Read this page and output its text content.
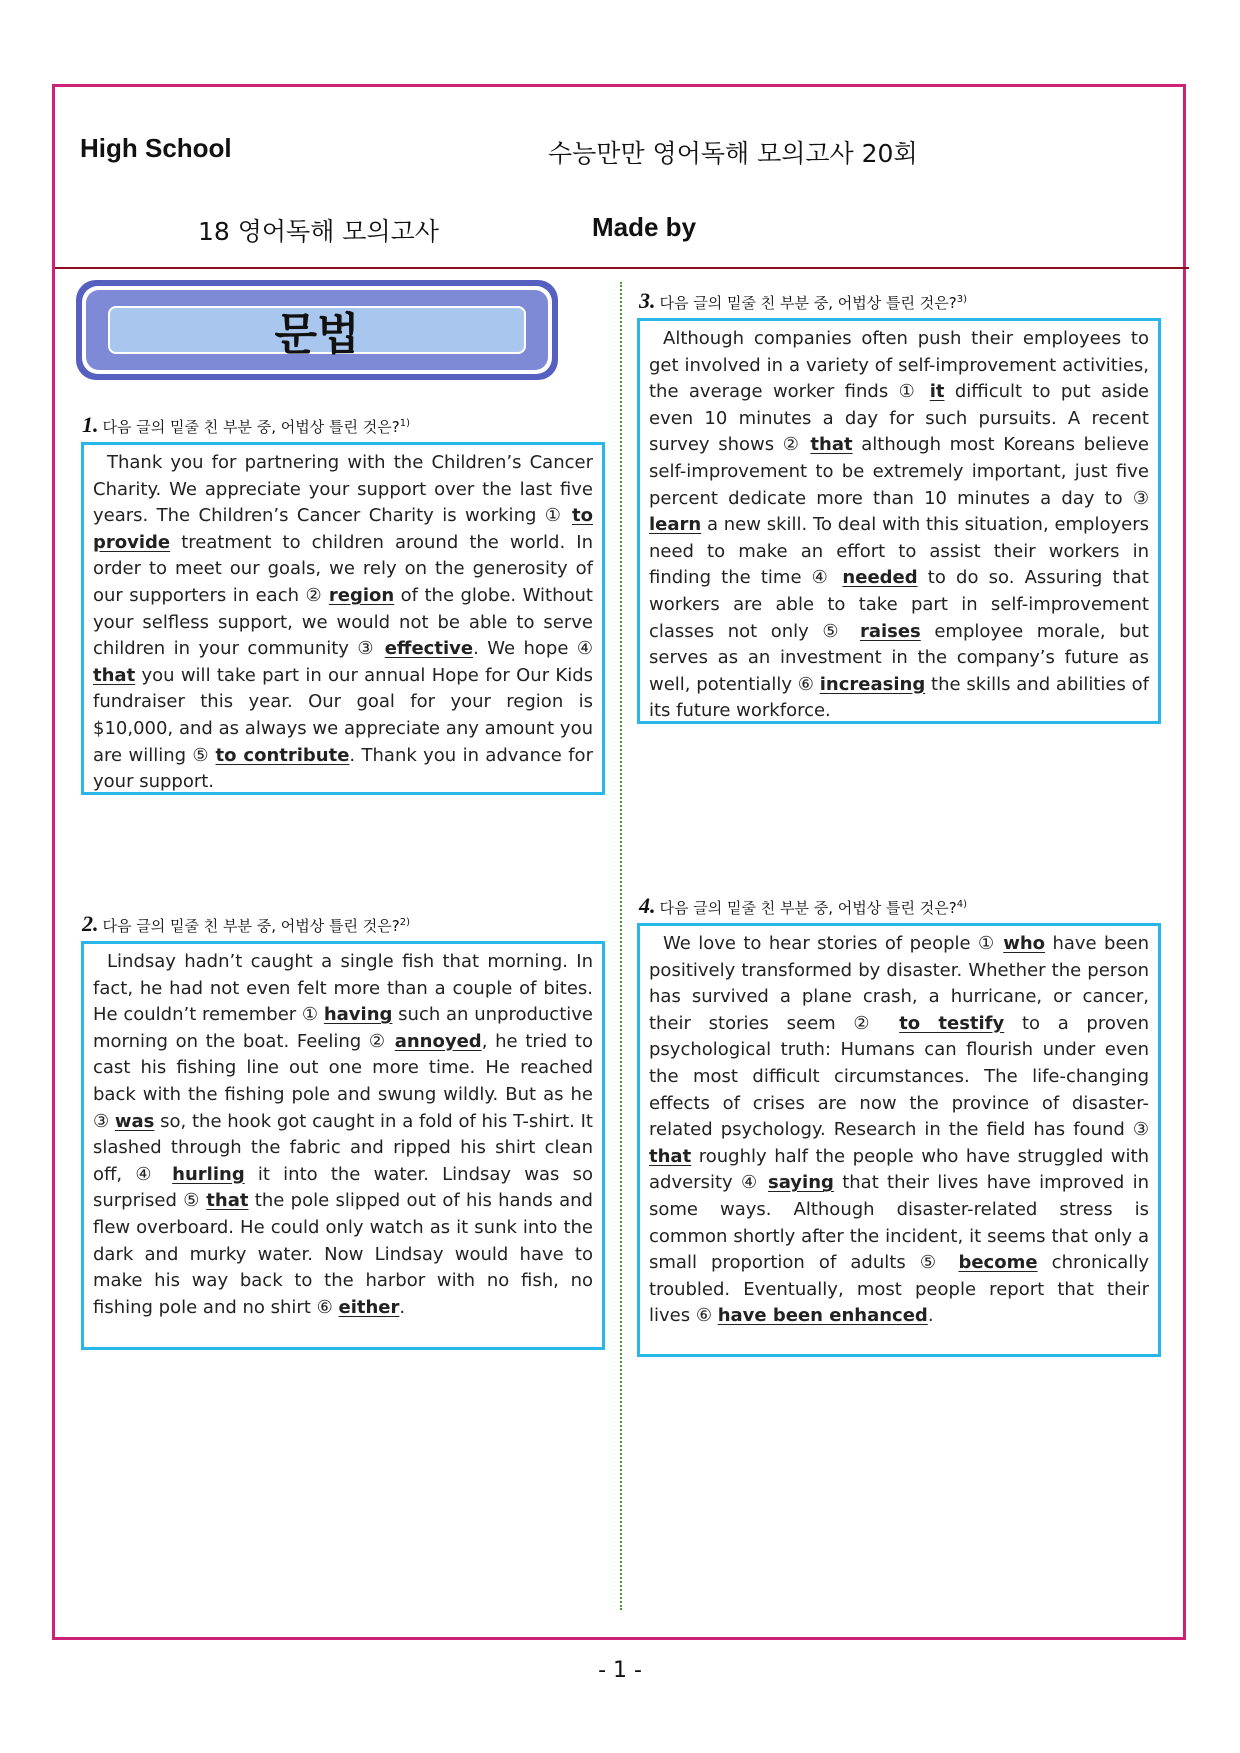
High School	수능만만 영어독해 모의고사 20회
18 영어독해 모의고사	Made by
문법
1. 다음 글의 밑줄 친 부분 중, 어법상 틀린 것은?$^{1)}$

Thank you for partnering with the Children’s Cancer Charity. We appreciate your support over the last five years. The Children’s Cancer Charity is working ① to provide treatment to children around the world. In order to meet our goals, we rely on the generosity of our supporters in each ② region of the globe. Without your selfless support, we would not be able to serve children in your community ③ effective. We hope ④ that you will take part in our annual Hope for Our Kids fundraiser this year. Our goal for your region is $10,000, and as always we appreciate any amount you are willing ⑤ to contribute. Thank you in advance for your support.

2. 다음 글의 밑줄 친 부분 중, 어법상 틀린 것은?$^{2)}$

Lindsay hadn’t caught a single fish that morning. In fact, he had not even felt more than a couple of bites. He couldn’t remember ① having such an unproductive morning on the boat. Feeling ② annoyed, he tried to cast his fishing line out one more time. He reached back with the fishing pole and swung wildly. But as he ③ was so, the hook got caught in a fold of his T-shirt. It slashed through the fabric and ripped his shirt clean off, ④ hurling it into the water. Lindsay was so surprised ⑤ that the pole slipped out of his hands and flew overboard. He could only watch as it sunk into the dark and murky water. Now Lindsay would have to make his way back to the harbor with no fish, no fishing pole and no shirt ⑥ either.

3. 다음 글의 밑줄 친 부분 중, 어법상 틀린 것은?$^{3)}$

Although companies often push their employees to get involved in a variety of self-improvement activities, the average worker finds ① it difficult to put aside even 10 minutes a day for such pursuits. A recent survey shows ② that although most Koreans believe self-improvement to be extremely important, just five percent dedicate more than 10 minutes a day to ③ learn a new skill. To deal with this situation, employers need to make an effort to assist their workers in finding the time ④ needed to do so. Assuring that workers are able to take part in self-improvement classes not only ⑤ raises employee morale, but serves as an investment in the company’s future as well, potentially ⑥ increasing the skills and abilities of its future workforce.

4. 다음 글의 밑줄 친 부분 중, 어법상 틀린 것은?$^{4)}$

We love to hear stories of people ① who have been positively transformed by disaster. Whether the person has survived a plane crash, a hurricane, or cancer, their stories seem ② to testify to a proven psychological truth: Humans can flourish under even the most difficult circumstances. The life-changing effects of crises are now the province of disaster-related psychology. Research in the field has found ③ that roughly half the people who have struggled with adversity ④ saying that their lives have improved in some ways. Although disaster-related stress is common shortly after the incident, it seems that only a small proportion of adults ⑤ become chronically troubled. Eventually, most people report that their lives ⑥ have been enhanced.

- 1 -
